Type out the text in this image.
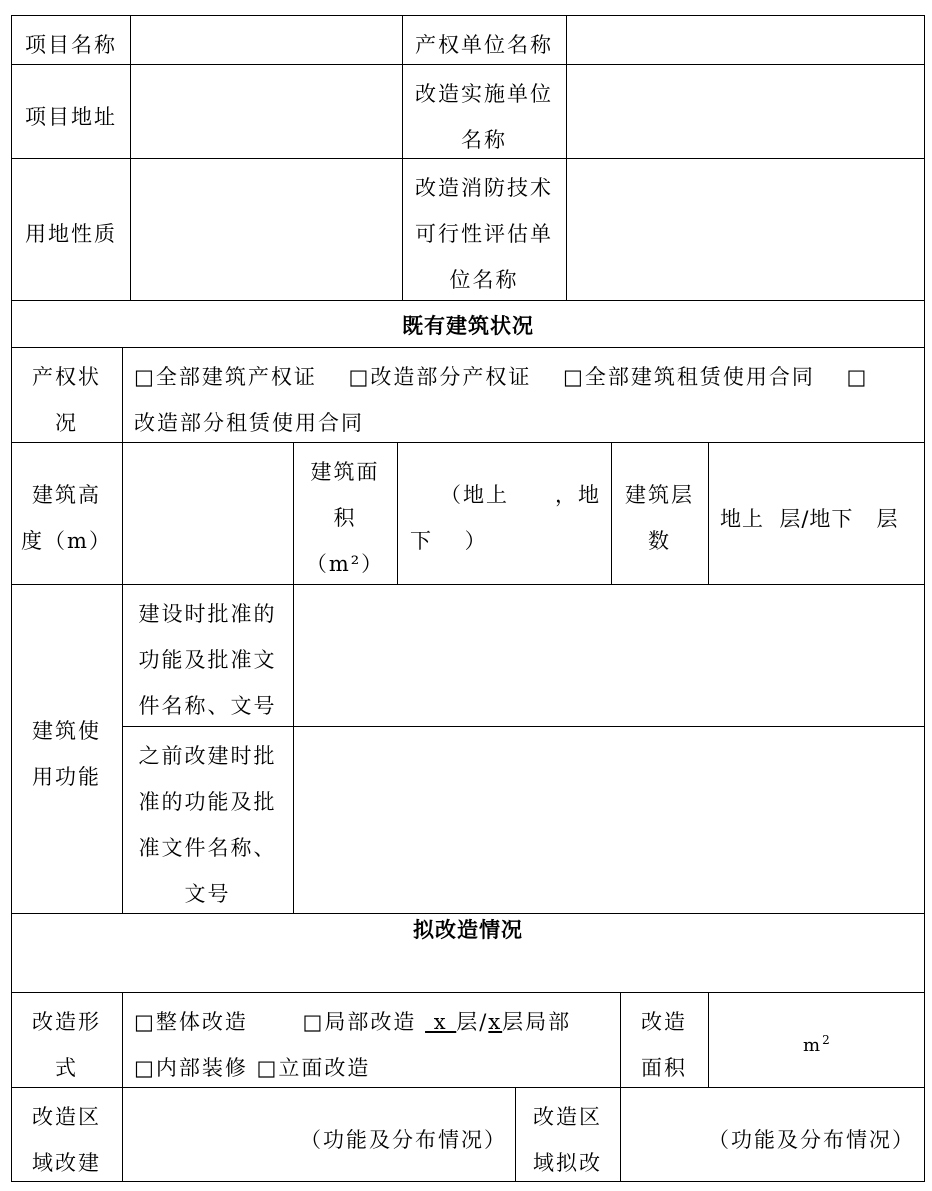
项目名称	产权单位名称
项目地址
改造实施单位
名称
用地性质
改造消防技术
可行性评估单
位名称
既有建筑状况
产权状
况
□全部建筑产权证　 □改造部分产权证　 □全部建筑租赁使用合同　 □
改造部分租赁使用合同
建筑高
度（m）
建筑面
积
（m²）
（地上　　，地
下　 ）
建筑层
数
地上  层/地下   层
建筑使
用功能
建设时批准的
功能及批准文
件名称、文号
之前改建时批
准的功能及批
准文件名称、
文号
拟改造情况
改造形
式
□整体改造　　 □局部改造  x 层/x层局部
□内部装修 □立面改造
改造
面积
$m^2$
改造区
域改建
（功能及分布情况）
改造区
域拟改
（功能及分布情况）
